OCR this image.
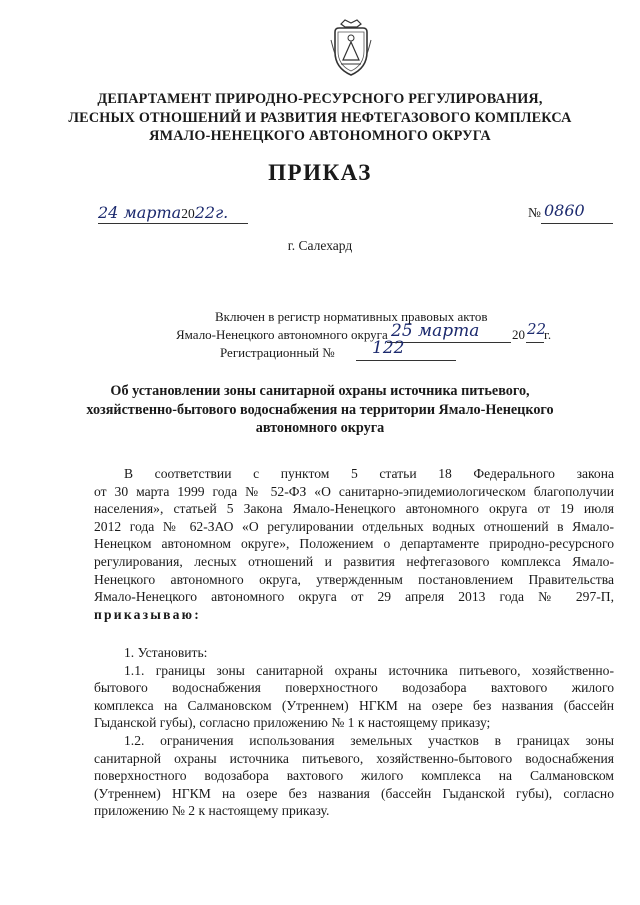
ДЕПАРТАМЕНТ ПРИРОДНО-РЕСУРСНОГО РЕГУЛИРОВАНИЯ,
ЛЕСНЫХ ОТНОШЕНИЙ И РАЗВИТИЯ НЕФТЕГАЗОВОГО КОМПЛЕКСА
ЯМАЛО-НЕНЕЦКОГО АВТОНОМНОГО ОКРУГА
ПРИКАЗ
24 марта2022г.	№ 0860
г. Салехард
Включен в регистр нормативных правовых актов
Ямало-Ненецкого автономного округа 25 марта	20 22
г.
Регистрационный № 122
Об установлении зоны санитарной охраны источника питьевого,
хозяйственно-бытового водоснабжения на территории Ямало-Ненецкого
автономного округа
В соответствии с пунктом 5 статьи 18 Федерального закона
от 30 марта 1999 года № 52-ФЗ «О санитарно-эпидемиологическом благополучии
населения», статьей 5 Закона Ямало-Ненецкого автономного округа от 19 июля
2012 года № 62-ЗАО «О регулировании отдельных водных отношений в Ямало-
Ненецком автономном округе», Положением о департаменте природно-ресурсного
регулирования, лесных отношений и развития нефтегазового комплекса Ямало-
Ненецкого автономного округа, утвержденным постановлением Правительства
Ямало-Ненецкого автономного округа от 29 апреля 2013 года № 297-П,
приказываю:
1. Установить:
1.1. границы зоны санитарной охраны источника питьевого, хозяйственно-
бытового водоснабжения поверхностного водозабора вахтового жилого
комплекса на Салмановском (Утреннем) НГКМ на озере без названия (бассейн
Гыданской губы), согласно приложению № 1 к настоящему приказу;
1.2. ограничения использования земельных участков в границах зоны
санитарной охраны источника питьевого, хозяйственно-бытового водоснабжения
поверхностного водозабора вахтового жилого комплекса на Салмановском
(Утреннем) НГКМ на озере без названия (бассейн Гыданской губы), согласно
приложению № 2 к настоящему приказу.
